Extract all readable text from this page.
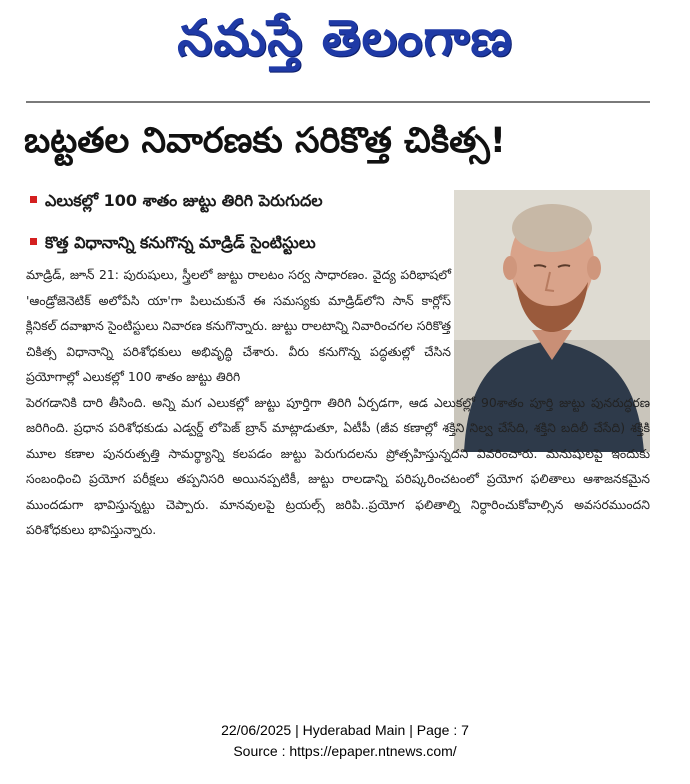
నమస్తే తెలంగాణ
బట్టతల నివారణకు సరికొత్త చికిత్స!
ఎలుకల్లో 100 శాతం జుట్టు తిరిగి పెరుగుదల
కొత్త విధానాన్ని కనుగొన్న మాడ్రిడ్ సైంటిస్టులు

మాడ్రిడ్, జూన్ 21: పురుషులు, స్త్రీలలో జుట్టు రాలటం సర్వ సాధారణం. వైద్య పరిభాషలో 'ఆండ్రోజెనెటిక్ అలోపేసి యా'గా పిలుచుకునే ఈ సమస్యకు మాడ్రిడ్‌లోని సాన్ కార్లోస్ క్లినికల్ దవాఖాన సైంటిస్టులు నివారణ కనుగొన్నారు. జుట్టు రాలటాన్ని నివారించగల సరికొత్త చికిత్స విధానాన్ని పరిశోధకులు అభివృద్ధి చేశారు. వీరు కనుగొన్న పద్ధతుల్లో చేసిన ప్రయోగాల్లో ఎలుకల్లో 100 శాతం జుట్టు తిరిగి

పెరగడానికి దారి తీసింది. అన్ని మగ ఎలుకల్లో జుట్టు పూర్తిగా తిరిగి ఏర్పడగా, ఆడ ఎలుకల్లో 90శాతం పూర్తి జుట్టు పునరుద్ధరణ జరిగింది. ప్రధాన పరిశోధకుడు ఎడ్వర్డ్ లోపెజ్ బ్రాన్ మాట్లాడుతూ, ఏటీపీ (జీవ కణాల్లో శక్తిని నిల్వ చేసేది, శక్తిని బదిలీ చేసేది) శక్తికి మూల కణాల పునరుత్పత్తి సామర్థ్యాన్ని కలపడం జుట్టు పెరుగుదలను ప్రోత్సహిస్తున్నదని వివరించారు. మనుషులపై ఇందుకు సంబంధించి ప్రయోగ పరీక్షలు తప్పనిసరి అయినప్పటికీ, జుట్టు రాలడాన్ని పరిష్కరించటంలో ప్రయోగ ఫలితాలు ఆశాజనకమైన ముందడుగా భావిస్తున్నట్టు చెప్పారు. మానవులపై ట్రయల్స్ జరిపి..ప్రయోగ ఫలితాల్ని నిర్ధారించుకోవాల్సిన అవసరముందని పరిశోధకులు భావిస్తున్నారు.

22/06/2025 | Hyderabad Main | Page : 7
Source : https://epaper.ntnews.com/
